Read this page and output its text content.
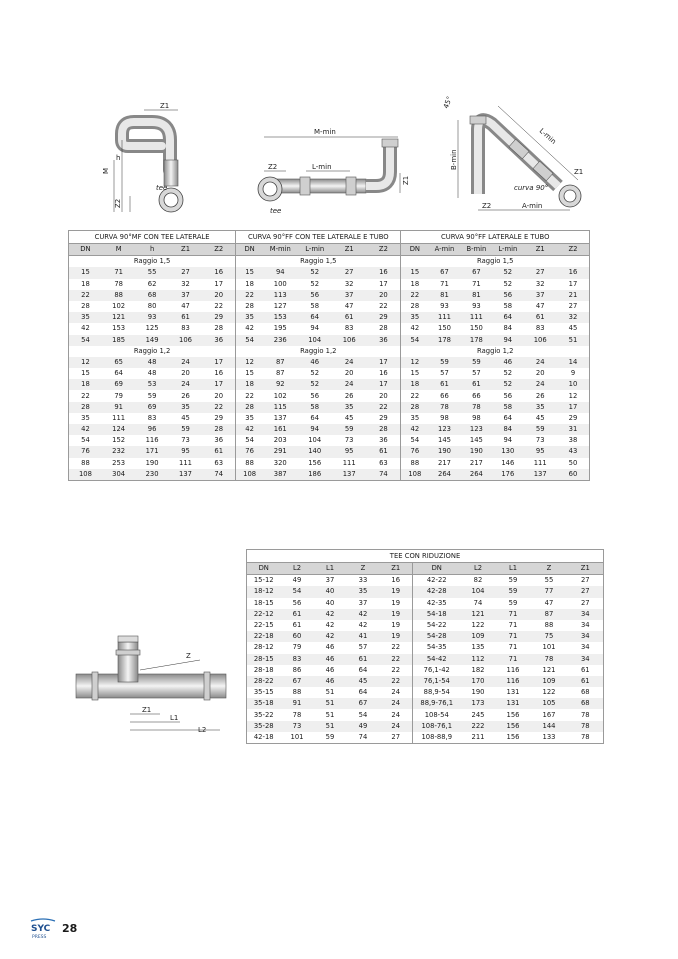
Z1
M
h
Z2
tee
M-min
Z2	L-min
Z1
tee
45°
B-min
L-min
Z1
curva 90°
Z2	A-min
CURVA 90°MF CON TEE LATERALE					CURVA 90°FF CON TEE LATERALE E TUBO					CURVA 90°FF LATERALE E TUBO					
DN	M	h	Z1	Z2	DN	M-min	L-min	Z1	Z2	DN	A-min	B-min	L-min	Z1	Z2
Raggio 1,5					Raggio 1,5					Raggio 1,5					
15	71	55	27	16	15	94	52	27	16	15	67	67	52	27	16
18	78	62	32	17	18	100	52	32	17	18	71	71	52	32	17
22	88	68	37	20	22	113	56	37	20	22	81	81	56	37	21
28	102	80	47	22	28	127	58	47	22	28	93	93	58	47	27
35	121	93	61	29	35	153	64	61	29	35	111	111	64	61	32
42	153	125	83	28	42	195	94	83	28	42	150	150	84	83	45
54	185	149	106	36	54	236	104	106	36	54	178	178	94	106	51
Raggio 1,2					Raggio 1,2					Raggio 1,2					
12	65	48	24	17	12	87	46	24	17	12	59	59	46	24	14
15	64	48	20	16	15	87	52	20	16	15	57	57	52	20	9
18	69	53	24	17	18	92	52	24	17	18	61	61	52	24	10
22	79	59	26	20	22	102	56	26	20	22	66	66	56	26	12
28	91	69	35	22	28	115	58	35	22	28	78	78	58	35	17
35	111	83	45	29	35	137	64	45	29	35	98	98	64	45	29
42	124	96	59	28	42	161	94	59	28	42	123	123	84	59	31
54	152	116	73	36	54	203	104	73	36	54	145	145	94	73	38
76	232	171	95	61	76	291	140	95	61	76	190	190	130	95	43
88	253	190	111	63	88	320	156	111	63	88	217	217	146	111	50
108	304	230	137	74	108	387	186	137	74	108	264	264	176	137	60
Z
Z1
L1
L2
TEE CON RIDUZIONE									
DN	L2	L1	Z	Z1	DN	L2	L1	Z	Z1
15-12	49	37	33	16	42-22	82	59	55	27
18-12	54	40	35	19	42-28	104	59	77	27
18-15	56	40	37	19	42-35	74	59	47	27
22-12	61	42	42	19	54-18	121	71	87	34
22-15	61	42	42	19	54-22	122	71	88	34
22-18	60	42	41	19	54-28	109	71	75	34
28-12	79	46	57	22	54-35	135	71	101	34
28-15	83	46	61	22	54-42	112	71	78	34
28-18	86	46	64	22	76,1-42	182	116	121	61
28-22	67	46	45	22	76,1-54	170	116	109	61
35-15	88	51	64	24	88,9-54	190	131	122	68
35-18	91	51	67	24	88,9-76,1	173	131	105	68
35-22	78	51	54	24	108-54	245	156	167	78
35-28	73	51	49	24	108-76,1	222	156	144	78
42-18	101	59	74	27	108-88,9	211	156	133	78
SYC
PRESS
28
